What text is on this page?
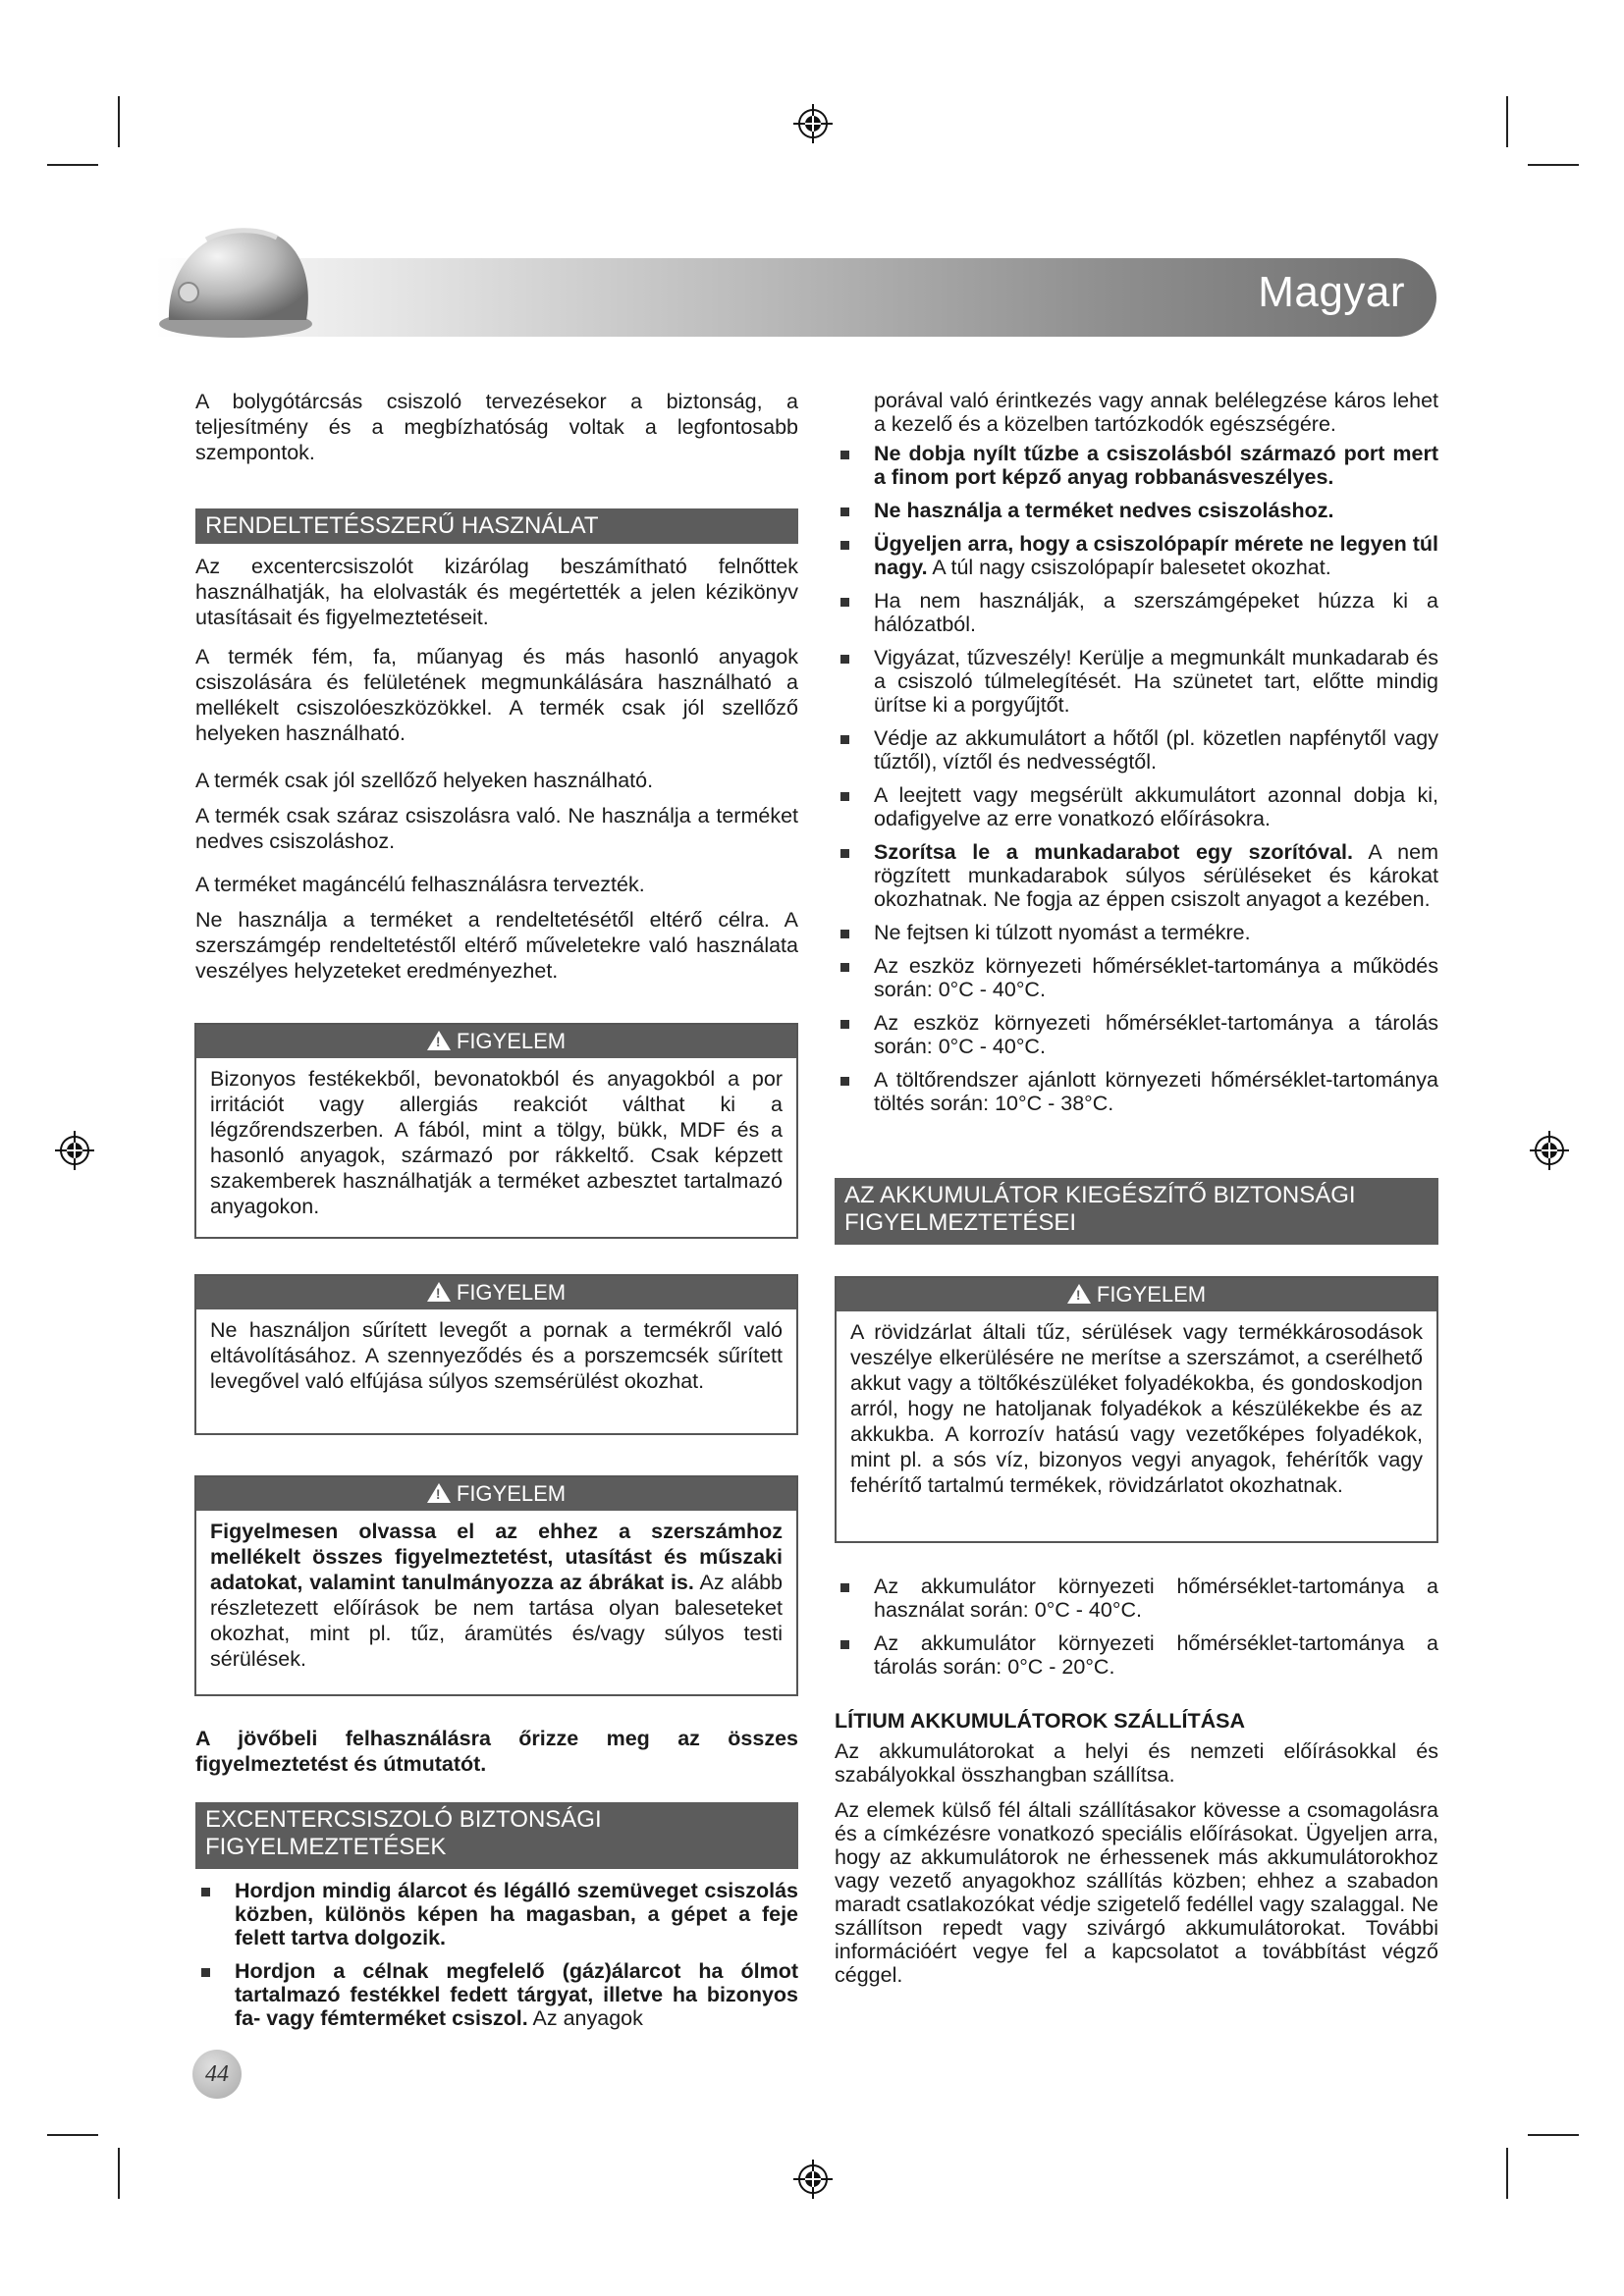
Magyar
A bolygótárcsás csiszoló tervezésekor a biztonság, a teljesítmény és a megbízhatóság voltak a legfontosabb szempontok.
RENDELTETÉSSZERŰ HASZNÁLAT
Az excentercsiszolót kizárólag beszámítható felnőttek használhatják, ha elolvasták és megértették a jelen kézikönyv utasításait és figyelmeztetéseit.
A termék fém, fa, műanyag és más hasonló anyagok csiszolására és felületének megmunkálására használható a mellékelt csiszolóeszközökkel. A termék csak jól szellőző helyeken használható.
A termék csak jól szellőző helyeken használható.
A termék csak száraz csiszolásra való. Ne használja a terméket nedves csiszoláshoz.
A terméket magáncélú felhasználásra tervezték.
Ne használja a terméket a rendeltetésétől eltérő célra. A szerszámgép rendeltetéstől eltérő műveletekre való használata veszélyes helyzeteket eredményezhet.
!FIGYELEM
Bizonyos festékekből, bevonatokból és anyagokból a por irritációt vagy allergiás reakciót válthat ki a légzőrendszerben. A fából, mint a tölgy, bükk, MDF és a hasonló anyagok, származó por rákkeltő. Csak képzett szakemberek használhatják a terméket azbesztet tartalmazó anyagokon.
!FIGYELEM
Ne használjon sűrített levegőt a pornak a termékről való eltávolításához. A szennyeződés és a porszemcsék sűrített levegővel való elfújása súlyos szemsérülést okozhat.
!FIGYELEM
Figyelmesen olvassa el az ehhez a szerszámhoz mellékelt összes figyelmeztetést, utasítást és műszaki adatokat, valamint tanulmányozza az ábrákat is. Az alább részletezett előírások be nem tartása olyan baleseteket okozhat, mint pl. tűz, áramütés és/vagy súlyos testi sérülések.
A jövőbeli felhasználásra őrizze meg az összes figyelmeztetést és útmutatót.
EXCENTERCSISZOLÓ BIZTONSÁGI FIGYELMEZTETÉSEK
Hordjon mindig álarcot és légálló szemüveget csiszolás közben, különös képen ha magasban, a gépet a feje felett tartva dolgozik.
Hordjon a célnak megfelelő (gáz)álarcot ha ólmot tartalmazó festékkel fedett tárgyat, illetve ha bizonyos fa- vagy fémterméket csiszol. Az anyagok
44
porával való érintkezés vagy annak belélegzése káros lehet a kezelő és a közelben tartózkodók egészségére.
Ne dobja nyílt tűzbe a csiszolásból származó port mert a finom port képző anyag robbanásveszélyes.
Ne használja a terméket nedves csiszoláshoz.
Ügyeljen arra, hogy a csiszolópapír mérete ne legyen túl nagy. A túl nagy csiszolópapír balesetet okozhat.
Ha nem használják, a szerszámgépeket húzza ki a hálózatból.
Vigyázat, tűzveszély! Kerülje a megmunkált munkadarab és a csiszoló túlmelegítését. Ha szünetet tart, előtte mindig ürítse ki a porgyűjtőt.
Védje az akkumulátort a hőtől (pl. közetlen napfénytől vagy tűztől), víztől és nedvességtől.
A leejtett vagy megsérült akkumulátort azonnal dobja ki, odafigyelve az erre vonatkozó előírásokra.
Szorítsa le a munkadarabot egy szorítóval. A nem rögzített munkadarabok súlyos sérüléseket és károkat okozhatnak. Ne fogja az éppen csiszolt anyagot a kezében.
Ne fejtsen ki túlzott nyomást a termékre.
Az eszköz környezeti hőmérséklet-tartománya a működés során: 0°C - 40°C.
Az eszköz környezeti hőmérséklet-tartománya a tárolás során: 0°C - 40°C.
A töltőrendszer ajánlott környezeti hőmérséklet-tartománya töltés során: 10°C - 38°C.
AZ AKKUMULÁTOR KIEGÉSZÍTŐ BIZTONSÁGI FIGYELMEZTETÉSEI
!FIGYELEM
A rövidzárlat általi tűz, sérülések vagy termékkárosodások veszélye elkerülésére ne merítse a szerszámot, a cserélhető akkut vagy a töltőkészüléket folyadékokba, és gondoskodjon arról, hogy ne hatoljanak folyadékok a készülékekbe és az akkukba. A korrozív hatású vagy vezetőképes folyadékok, mint pl. a sós víz, bizonyos vegyi anyagok, fehérítők vagy fehérítő tartalmú termékek, rövidzárlatot okozhatnak.
Az akkumulátor környezeti hőmérséklet-tartománya a használat során: 0°C - 40°C.
Az akkumulátor környezeti hőmérséklet-tartománya a tárolás során: 0°C - 20°C.
LÍTIUM AKKUMULÁTOROK SZÁLLÍTÁSA
Az akkumulátorokat a helyi és nemzeti előírásokkal és szabályokkal összhangban szállítsa.
Az elemek külső fél általi szállításakor kövesse a csomagolásra és a címkézésre vonatkozó speciális előírásokat. Ügyeljen arra, hogy az akkumulátorok ne érhessenek más akkumulátorokhoz vagy vezető anyagokhoz szállítás közben; ehhez a szabadon maradt csatlakozókat védje szigetelő fedéllel vagy szalaggal. Ne szállítson repedt vagy szivárgó akkumulátorokat. További információért vegye fel a kapcsolatot a továbbítást végző céggel.
